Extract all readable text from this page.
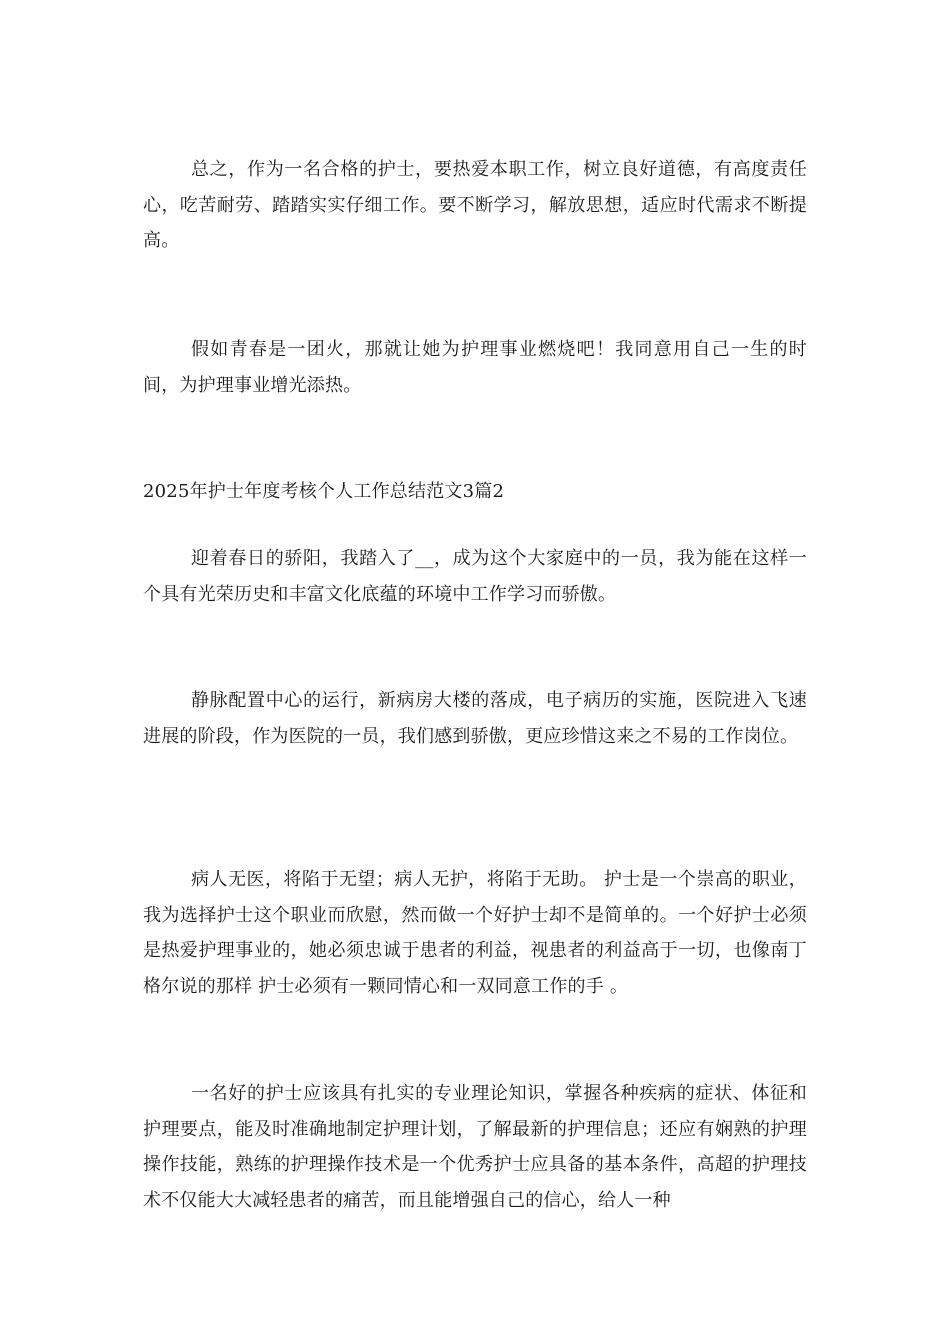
总之，作为一名合格的护士，要热爱本职工作，树立良好道德，有高度责任心，吃苦耐劳、踏踏实实仔细工作。要不断学习，解放思想，适应时代需求不断提高。

假如青春是一团火，那就让她为护理事业燃烧吧！我同意用自己一生的时间，为护理事业增光添热。

2025年护士年度考核个人工作总结范文3篇2

迎着春日的骄阳，我踏入了__，成为这个大家庭中的一员，我为能在这样一个具有光荣历史和丰富文化底蕴的环境中工作学习而骄傲。

静脉配置中心的运行，新病房大楼的落成，电子病历的实施，医院进入飞速进展的阶段，作为医院的一员，我们感到骄傲，更应珍惜这来之不易的工作岗位。

病人无医，将陷于无望；病人无护，将陷于无助。 护士是一个崇高的职业，我为选择护士这个职业而欣慰，然而做一个好护士却不是简单的。一个好护士必须是热爱护理事业的，她必须忠诚于患者的利益，视患者的利益高于一切，也像南丁格尔说的那样 护士必须有一颗同情心和一双同意工作的手 。

一名好的护士应该具有扎实的专业理论知识，掌握各种疾病的症状、体征和护理要点，能及时准确地制定护理计划，了解最新的护理信息；还应有娴熟的护理操作技能，熟练的护理操作技术是一个优秀护士应具备的基本条件，高超的护理技术不仅能大大减轻患者的痛苦，而且能增强自己的信心，给人一种
